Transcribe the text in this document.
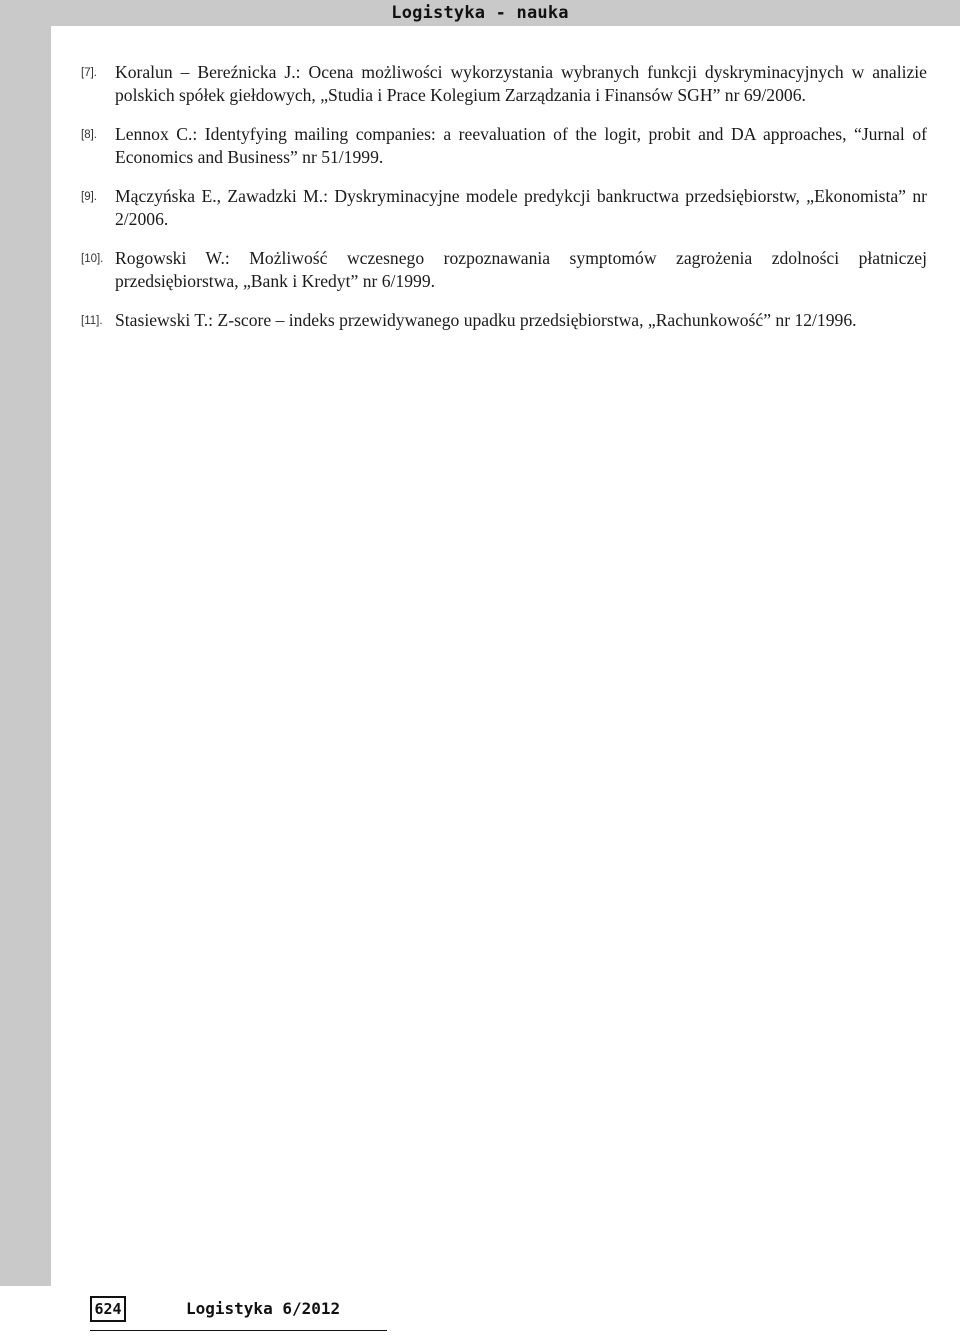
Logistyka - nauka
[7]. Koralun – Bereźnicka J.: Ocena możliwości wykorzystania wybranych funkcji dyskryminacyjnych w analizie polskich spółek giełdowych, „Studia i Prace Kolegium Zarządzania i Finansów SGH” nr 69/2006.
[8]. Lennox C.: Identyfying mailing companies: a reevaluation of the logit, probit and DA approaches, “Jurnal of Economics and Business” nr 51/1999.
[9]. Mączyńska E., Zawadzki M.: Dyskryminacyjne modele predykcji bankructwa przedsiębiorstw, „Ekonomista” nr 2/2006.
[10]. Rogowski W.: Możliwość wczesnego rozpoznawania symptomów zagrożenia zdolności płatniczej przedsiębiorstwa, „Bank i Kredyt” nr 6/1999.
[11]. Stasiewski T.: Z-score – indeks przewidywanego upadku przedsiębiorstwa, „Rachunkowość” nr 12/1996.
624	Logistyka 6/2012
